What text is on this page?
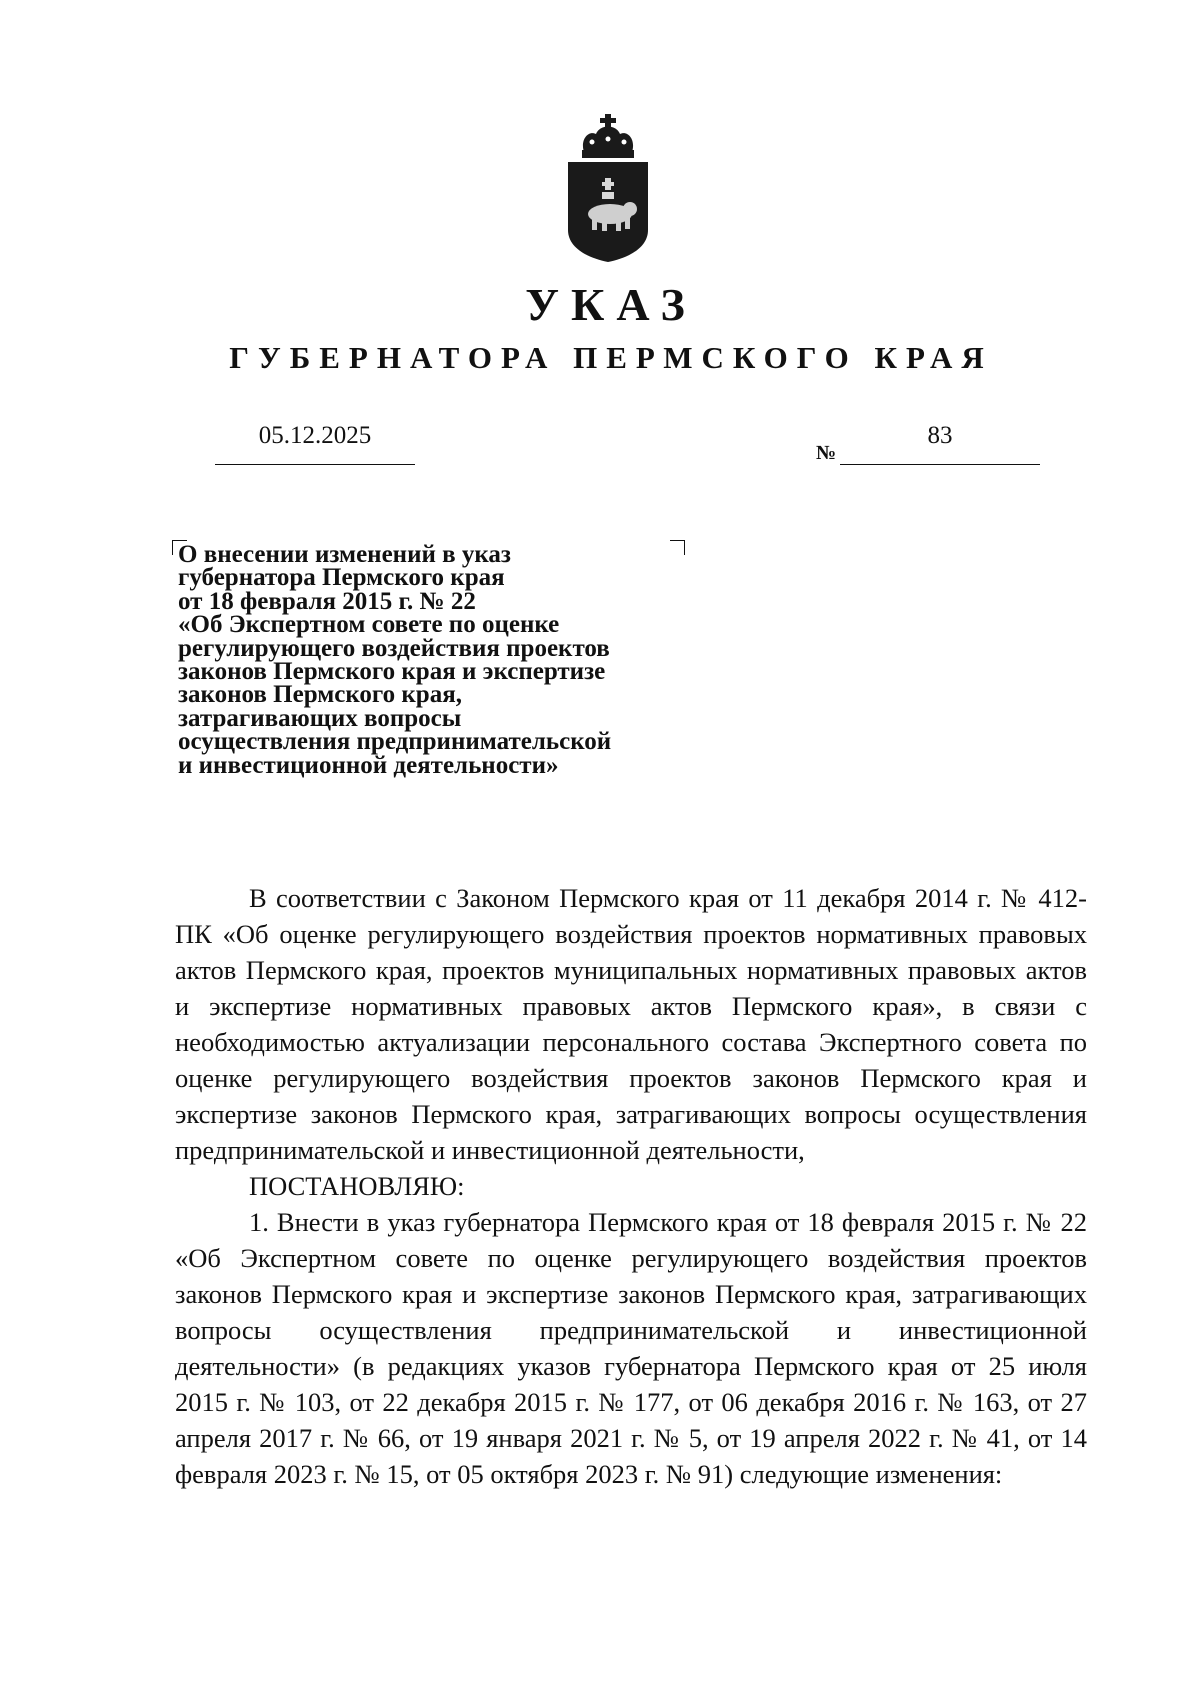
УКАЗ
ГУБЕРНАТОРА ПЕРМСКОГО КРАЯ
05.12.2025
№
83
О внесении изменений в указ
губернатора Пермского края
от 18 февраля 2015 г. № 22
«Об Экспертном совете по оценке
регулирующего воздействия проектов
законов Пермского края и экспертизе
законов Пермского края,
затрагивающих вопросы
осуществления предпринимательской
и инвестиционной деятельности»

В соответствии с Законом Пермского края от 11 декабря 2014 г. № 412-ПК «Об оценке регулирующего воздействия проектов нормативных правовых актов Пермского края, проектов муниципальных нормативных правовых актов и экспертизе нормативных правовых актов Пермского края», в связи с необходимостью актуализации персонального состава Экспертного совета по оценке регулирующего воздействия проектов законов Пермского края и экспертизе законов Пермского края, затрагивающих вопросы осуществления предпринимательской и инвестиционной деятельности,

ПОСТАНОВЛЯЮ:

1. Внести в указ губернатора Пермского края от 18 февраля 2015 г. № 22 «Об Экспертном совете по оценке регулирующего воздействия проектов законов Пермского края и экспертизе законов Пермского края, затрагивающих вопросы осуществления предпринимательской и инвестиционной деятельности» (в редакциях указов губернатора Пермского края от 25 июля 2015 г. № 103, от 22 декабря 2015 г. № 177, от 06 декабря 2016 г. № 163, от 27 апреля 2017 г. № 66, от 19 января 2021 г. № 5, от 19 апреля 2022 г. № 41, от 14 февраля 2023 г. № 15, от 05 октября 2023 г. № 91) следующие изменения:
